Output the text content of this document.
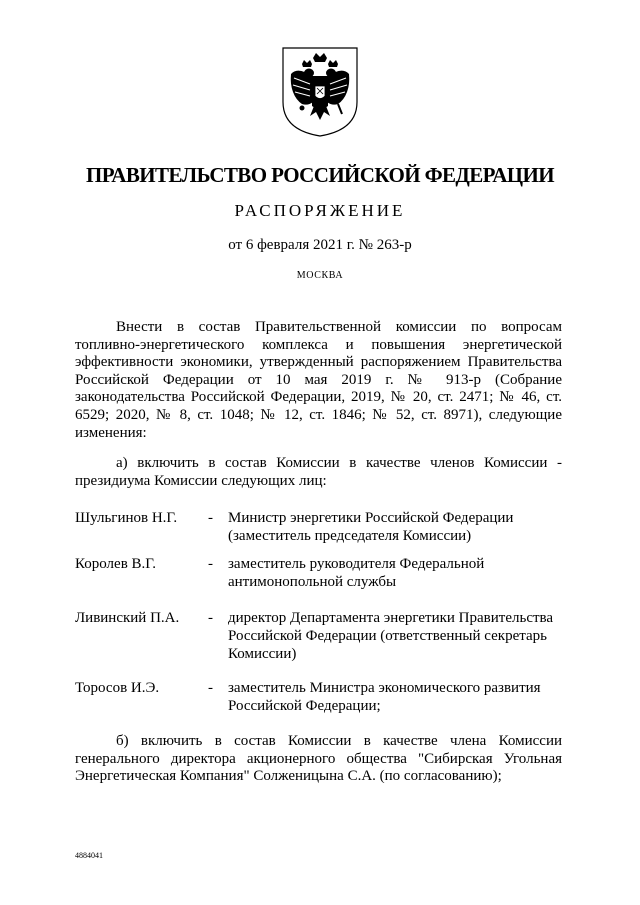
ПРАВИТЕЛЬСТВО РОССИЙСКОЙ ФЕДЕРАЦИИ
РАСПОРЯЖЕНИЕ
от 6 февраля 2021 г. № 263-р
МОСКВА
Внести в состав Правительственной комиссии по вопросам топливно-энергетического комплекса и повышения энергетической эффективности экономики, утвержденный распоряжением Правительства Российской Федерации от 10 мая 2019 г. № 913-р (Собрание законодательства Российской Федерации, 2019, № 20, ст. 2471; № 46, ст. 6529; 2020, № 8, ст. 1048; № 12, ст. 1846; № 52, ст. 8971), следующие изменения:
а) включить в состав Комиссии в качестве членов Комиссии - президиума Комиссии следующих лиц:
Шульгинов Н.Г. - Министр энергетики Российской Федерации (заместитель председателя Комиссии)
Королев В.Г.	- заместитель руководителя Федеральной антимонопольной службы
Ливинский П.А. - директор Департамента энергетики Правительства Российской Федерации (ответственный секретарь Комиссии)
Торосов И.Э.	- заместитель Министра экономического развития Российской Федерации;
б) включить в состав Комиссии в качестве члена Комиссии генерального директора акционерного общества "Сибирская Угольная Энергетическая Компания" Солженицына С.А. (по согласованию);
4884041
